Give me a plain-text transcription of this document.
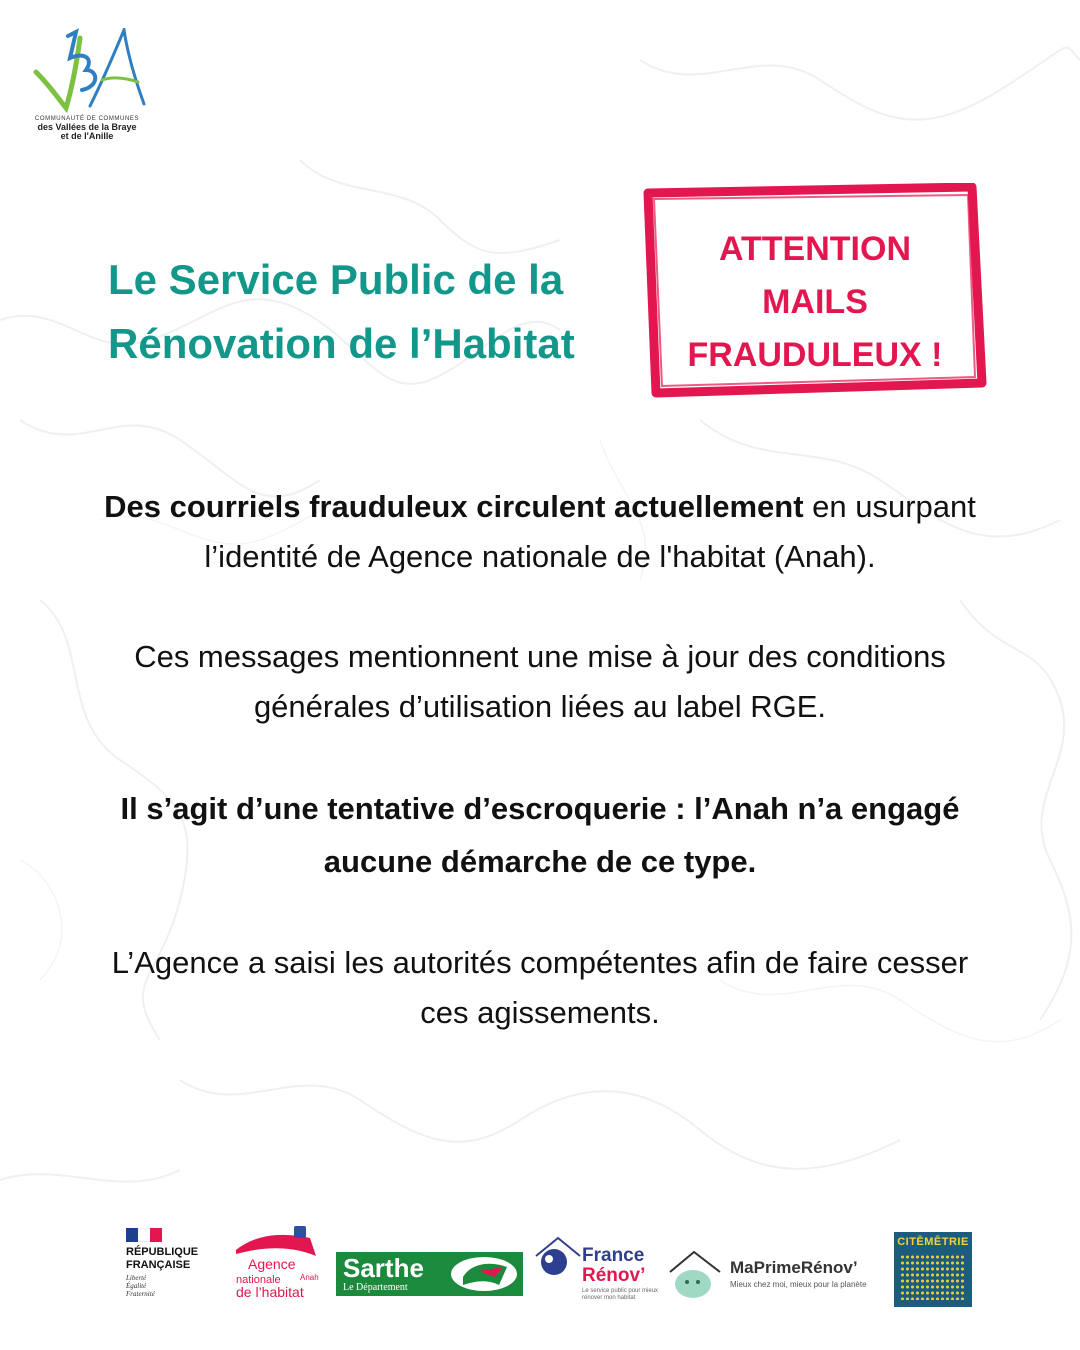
COMMUNAUTÉ DE COMMUNES
des Vallées de la Braye
et de l'Anille
Le Service Public de la
Rénovation de l’Habitat
ATTENTION
MAILS
FRAUDULEUX !

Des courriels frauduleux circulent actuellement en usurpant l’identité de Agence nationale de l'habitat (Anah).

Ces messages mentionnent une mise à jour des conditions générales d’utilisation liées au label RGE.

Il s’agit d’une tentative d’escroquerie : l’Anah n’a engagé aucune démarche de ce type.

L’Agence a saisi les autorités compétentes afin de faire cesser ces agissements.

RÉPUBLIQUE
FRANÇAISE
Liberté
Égalité
Fraternité
Agence
nationale
de l’habitat
Anah Sarthe
Le Département
France
Rénov’
Le service public pour mieux rénover mon habitat
MaPrimeRénov’
Mieux chez moi, mieux pour la planète
CITĒMĒTRIE
